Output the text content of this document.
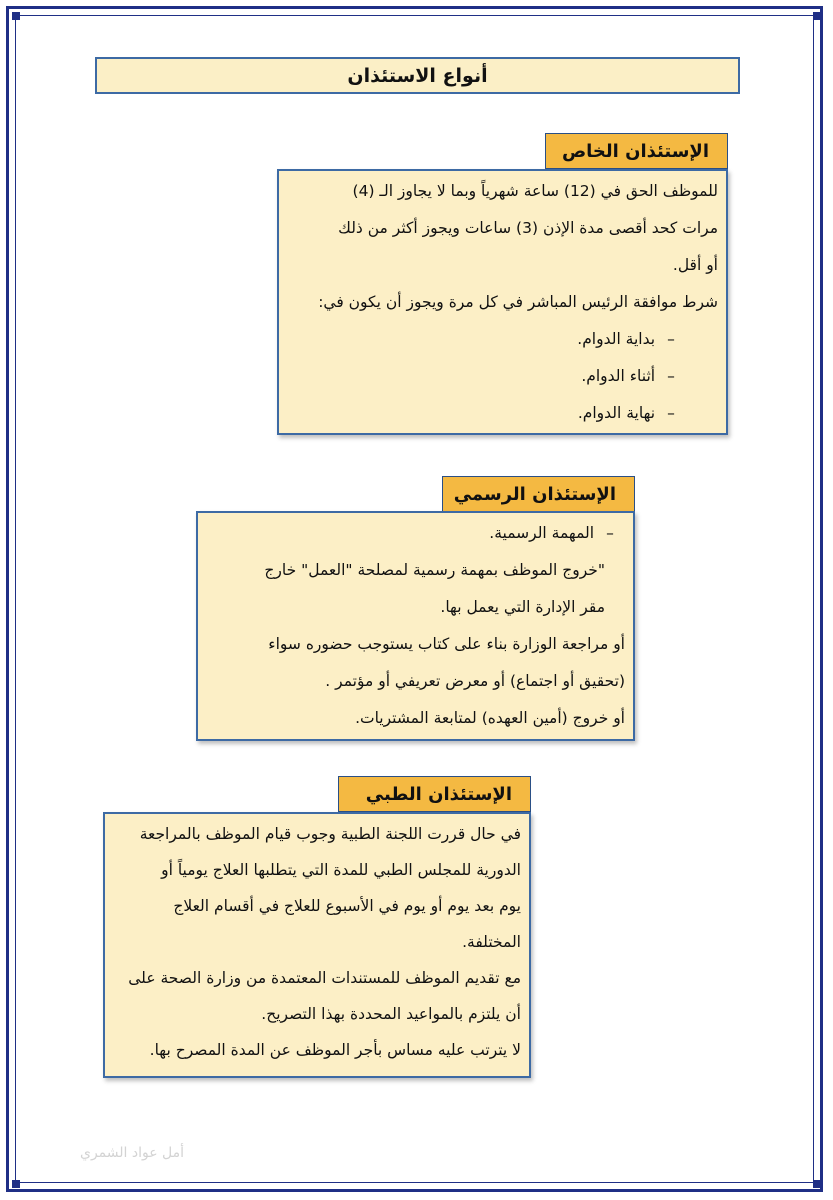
أنواع الاستئذان
الإستئذان الخاص
للموظف الحق في (12) ساعة شهرياً وبما لا يجاوز الـ (4)
مرات كحد أقصى مدة الإذن (3) ساعات ويجوز أكثر من ذلك
أو أقل.
شرط موافقة الرئيس المباشر في كل مرة ويجوز أن يكون في:
– بداية الدوام.
– أثناء الدوام.
– نهاية الدوام.
الإستئذان الرسمي
– المهمة الرسمية.
"خروج الموظف بمهمة رسمية لمصلحة "العمل" خارج
مقر الإدارة التي يعمل بها.
أو مراجعة الوزارة بناء على كتاب يستوجب حضوره سواء
(تحقيق أو اجتماع) أو معرض تعريفي أو مؤتمر .
أو خروج (أمين العهده) لمتابعة المشتريات.
الإستئذان الطبي
في حال قررت اللجنة الطبية وجوب قيام الموظف بالمراجعة
الدورية للمجلس الطبي للمدة التي يتطلبها العلاج يومياً أو
يوم بعد يوم أو يوم في الأسبوع للعلاج في أقسام العلاج
المختلفة.
مع تقديم الموظف للمستندات المعتمدة من وزارة الصحة على
أن يلتزم بالمواعيد المحددة بهذا التصريح.
لا يترتب عليه مساس بأجر الموظف عن المدة المصرح بها.
أمل عواد الشمري
